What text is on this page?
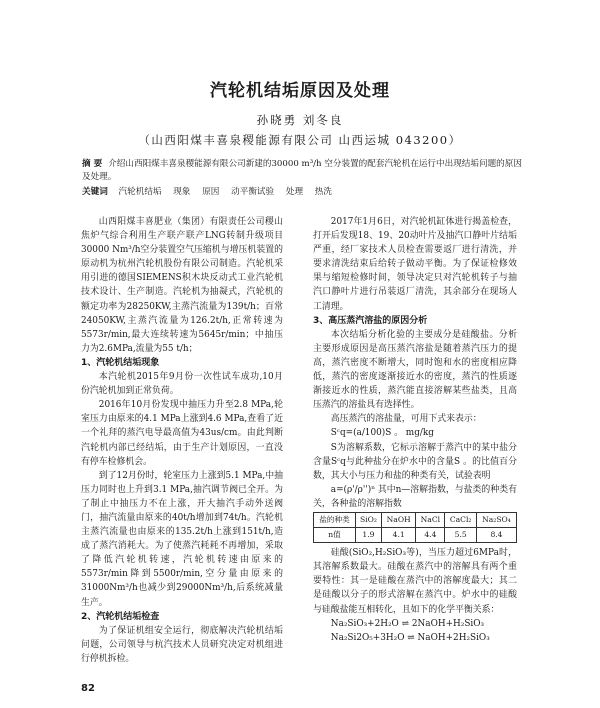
汽轮机结垢原因及处理
孙晓勇 刘冬良
（山西阳煤丰喜泉稷能源有限公司 山西运城 043200）
摘 要 介绍山西阳煤丰喜泉稷能源有限公司新建的30000 m³/h 空分装置的配套汽轮机在运行中出现结垢问题的原因及处理。
关键词 汽轮机结垢 现象 原因 动平衡试验 处理 热洗

山西阳煤丰喜肥业（集团）有限责任公司稷山焦炉气综合利用生产联产联产LNG转制升级项目30000 Nm³/h空分装置空气压缩机与增压机装置的原动机为杭州汽轮机股份有限公司制造。汽轮机采用引进的德国SIEMENS积木块反动式工业汽轮机技术设计、生产制造。汽轮机为抽凝式，汽轮机的额定功率为28250KW,主蒸汽流量为139t/h；百常24050KW,主蒸汽流量为126.2t/h,正常转速为5573r/min,最大连续转速为5645r/min；中抽压力为2.6MPa,流量为55 t/h；

1、汽轮机结垢现象

本汽轮机2015年9月份一次性试车成功,10月份汽轮机加到正常负荷。

2016年10月份发现中抽压力升至2.8 MPa,轮室压力由原来的4.1 MPa上涨到4.6 MPa,查看了近一个礼拜的蒸汽电导最高值为43us/cm。由此判断汽轮机内部已经结垢，由于生产计划原因，一直没有停车检修机会。

到了12月份时，轮室压力上涨到5.1 MPa,中抽压力同时也上升到3.1 MPa,抽汽调节阀已全开。为了制止中抽压力不在上涨，开大抽汽手动外送阀门，抽汽流量由原来的40t/h增加到74t/h。汽轮机主蒸汽流量也由原来的135.2t/h上涨到151t/h,造成了蒸汽消耗大。为了使蒸汽耗耗不再增加，采取了降低汽轮机转速，汽轮机转速由原来的5573r/min降到5500r/min,空分量由原来的31000Nm³/h也减少到29000Nm³/h,后系统减量生产。

2、汽轮机结垢检查

为了保证机组安全运行，彻底解决汽轮机结垢问题，公司领导与杭汽技术人员研究决定对机组进行停机拆检。

2017年1月6日，对汽轮机缸体进行揭盖检查，打开后发现18、19、20动叶片及抽汽口静叶片结垢严重，经厂家技术人员检查需要返厂进行清洗，并要求清洗结束后给转子做动平衡。为了保证检修效果与缩短检修时间，领导决定只对汽轮机转子与抽汽口静叶片进行吊装返厂清洗，其余部分在现场人工清理。

3、高压蒸汽溶盐的原因分析

本次结垢分析化验的主要成分是硅酸盐。分析主要形成原因是高压蒸汽溶盐是随着蒸汽压力的提高，蒸汽密度不断增大，同时饱和水的密度相应降低，蒸汽的密度逐渐接近水的密度，蒸汽的性质逐渐接近水的性质，蒸汽能直接溶解某些盐类，且高压蒸汽的溶盐具有选择性。

高压蒸汽的溶盐量，可用下式来表示：

Sᶜq=(a/100)S 。 mg/kg

S为溶解系数，它标示溶解于蒸汽中的某中盐分含量Sᶜq与此种盐分在炉水中的含量S 。的比值百分数，其大小与压力和盐的种类有关，试验表明

a=(ρ'/ρ'')ⁿ 其中n—溶解指数，与盐类的种类有关，各种盐的溶解指数

盐的种类	SiO₂	NaOH	NaCl	CaCl₂	Na₂SO₄
n值	1.9	4.1	4.4	5.5	8.4

硅酸(SiO₂,H₂SiO₃等)，当压力超过6MPa时，其溶解系数最大。硅酸在蒸汽中的溶解具有两个重要特性：其一是硅酸在蒸汽中的溶解度最大；其二是硅酸以分子的形式溶解在蒸汽中。炉水中的硅酸与硅酸盐能互相转化，且如下的化学平衡关系：

Na₂SiO₃+2H₂O ⇌ 2NaOH+H₂SiO₃
Na₂Si2O₅+3H₂O ⇌ NaOH+2H₂SiO₃
82
